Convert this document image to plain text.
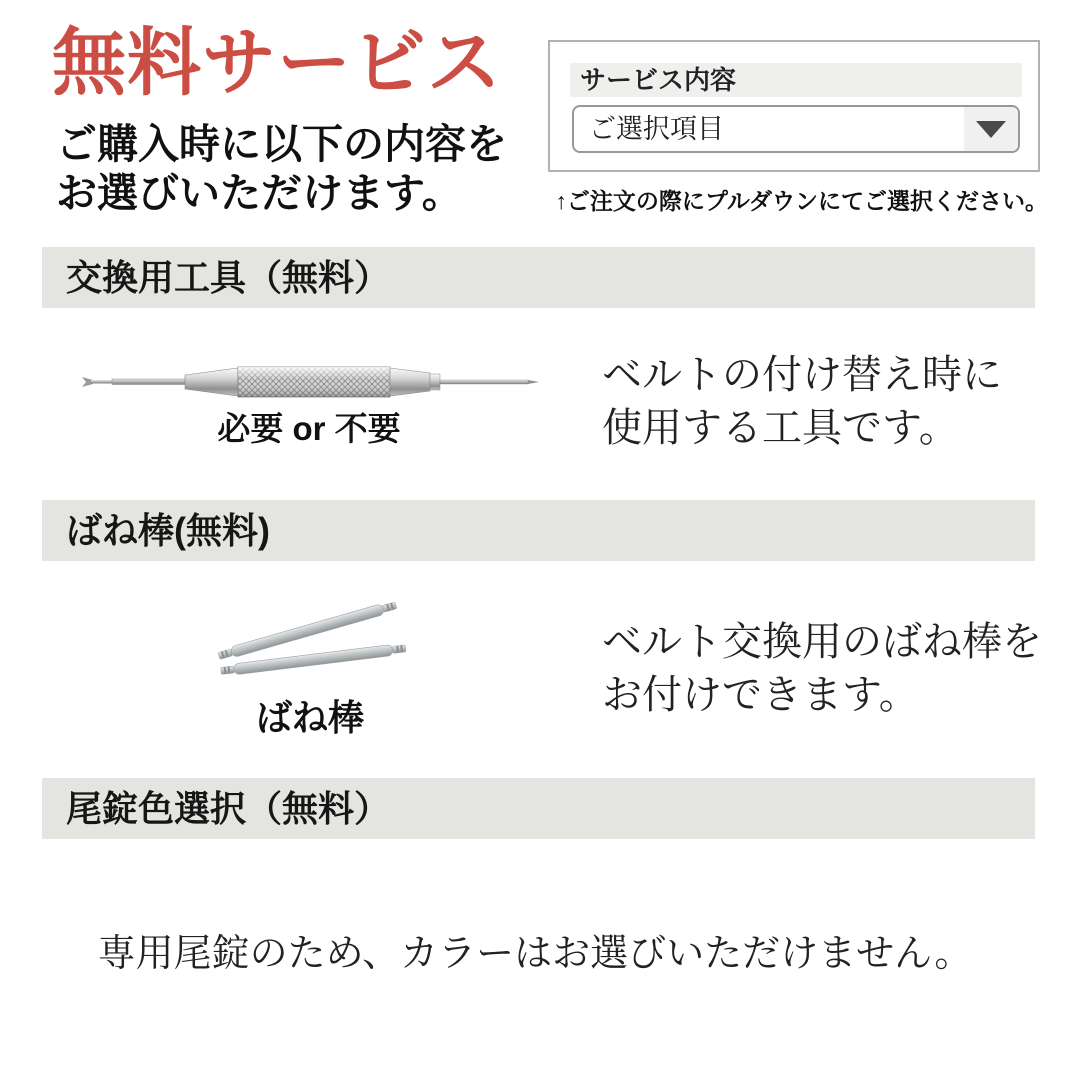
無料サービス
ご購入時に以下の内容を
お選びいただけます。
サービス内容
ご選択項目
↑ご注文の際にプルダウンにてご選択ください。
交換用工具（無料）
必要 or 不要
ベルトの付け替え時に
使用する工具です。
ばね棒(無料)
ばね棒
ベルト交換用のばね棒を
お付けできます。
尾錠色選択（無料）
専用尾錠のため、カラーはお選びいただけません。
